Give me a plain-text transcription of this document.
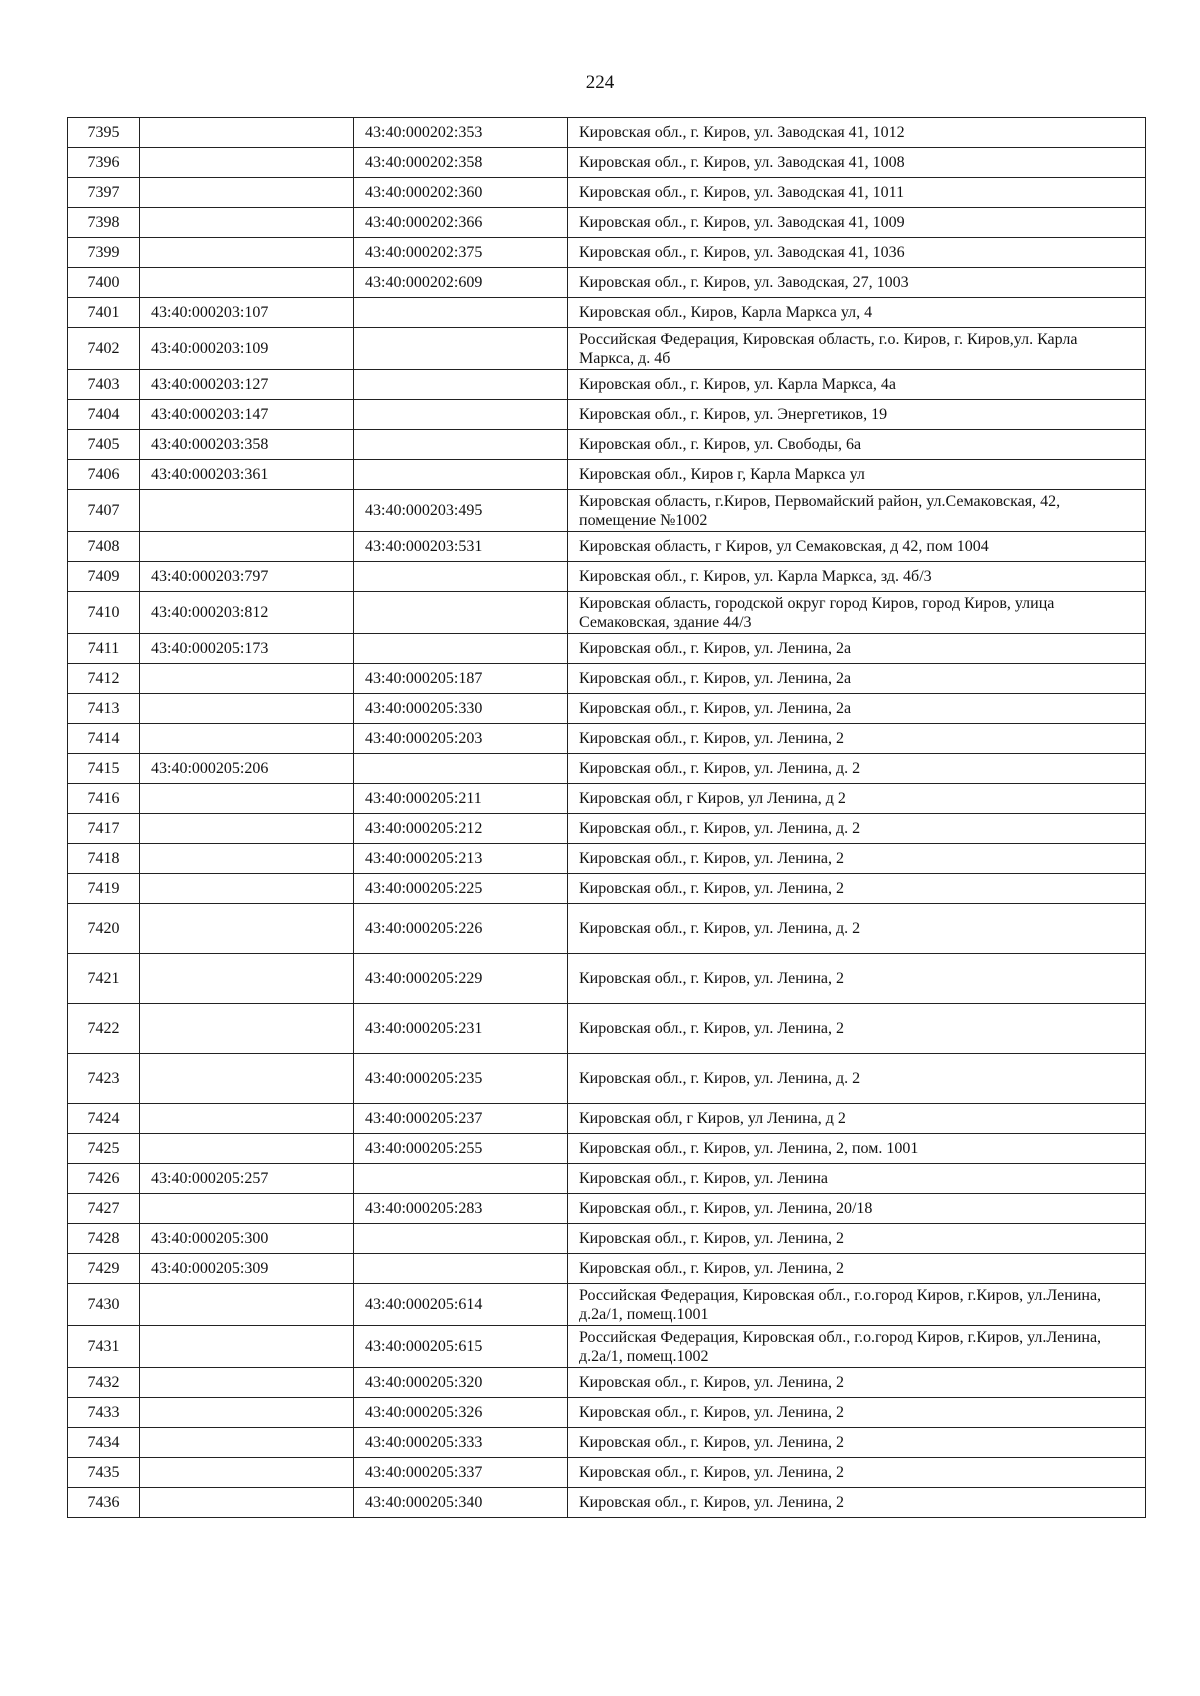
224
7395		43:40:000202:353	Кировская обл., г. Киров, ул. Заводская 41, 1012
7396		43:40:000202:358	Кировская обл., г. Киров, ул. Заводская 41, 1008
7397		43:40:000202:360	Кировская обл., г. Киров, ул. Заводская 41, 1011
7398		43:40:000202:366	Кировская обл., г. Киров, ул. Заводская 41, 1009
7399		43:40:000202:375	Кировская обл., г. Киров, ул. Заводская 41, 1036
7400		43:40:000202:609	Кировская обл., г. Киров, ул. Заводская, 27, 1003
7401	43:40:000203:107		Кировская обл., Киров, Карла Маркса ул, 4
7402	43:40:000203:109		Российская Федерация, Кировская область, г.о. Киров, г. Киров,ул. Карла Маркса, д. 4б
7403	43:40:000203:127		Кировская обл., г. Киров, ул. Карла Маркса, 4а
7404	43:40:000203:147		Кировская обл., г. Киров, ул. Энергетиков, 19
7405	43:40:000203:358		Кировская обл., г. Киров, ул. Свободы, 6а
7406	43:40:000203:361		Кировская обл., Киров г, Карла Маркса ул
7407		43:40:000203:495	Кировская область, г.Киров, Первомайский район, ул.Семаковская, 42, помещение №1002
7408		43:40:000203:531	Кировская область, г Киров, ул Семаковская, д 42, пом 1004
7409	43:40:000203:797		Кировская обл., г. Киров, ул. Карла Маркса, зд. 4б/3
7410	43:40:000203:812		Кировская область, городской округ город Киров, город Киров, улица Семаковская, здание 44/3
7411	43:40:000205:173		Кировская обл., г. Киров, ул. Ленина, 2а
7412		43:40:000205:187	Кировская обл., г. Киров, ул. Ленина, 2а
7413		43:40:000205:330	Кировская обл., г. Киров, ул. Ленина, 2а
7414		43:40:000205:203	Кировская обл., г. Киров, ул. Ленина, 2
7415	43:40:000205:206		Кировская обл., г. Киров, ул. Ленина, д. 2
7416		43:40:000205:211	Кировская обл, г Киров, ул Ленина, д 2
7417		43:40:000205:212	Кировская обл., г. Киров, ул. Ленина, д. 2
7418		43:40:000205:213	Кировская обл., г. Киров, ул. Ленина, 2
7419		43:40:000205:225	Кировская обл., г. Киров, ул. Ленина, 2
7420		43:40:000205:226	Кировская обл., г. Киров, ул. Ленина, д. 2
7421		43:40:000205:229	Кировская обл., г. Киров, ул. Ленина, 2
7422		43:40:000205:231	Кировская обл., г. Киров, ул. Ленина, 2
7423		43:40:000205:235	Кировская обл., г. Киров, ул. Ленина, д. 2
7424		43:40:000205:237	Кировская обл, г Киров, ул Ленина, д 2
7425		43:40:000205:255	Кировская обл., г. Киров, ул. Ленина, 2, пом. 1001
7426	43:40:000205:257		Кировская обл., г. Киров, ул. Ленина
7427		43:40:000205:283	Кировская обл., г. Киров, ул. Ленина, 20/18
7428	43:40:000205:300		Кировская обл., г. Киров, ул. Ленина, 2
7429	43:40:000205:309		Кировская обл., г. Киров, ул. Ленина, 2
7430		43:40:000205:614	Российская Федерация, Кировская обл., г.о.город Киров, г.Киров, ул.Ленина, д.2а/1, помещ.1001
7431		43:40:000205:615	Российская Федерация, Кировская обл., г.о.город Киров, г.Киров, ул.Ленина, д.2а/1, помещ.1002
7432		43:40:000205:320	Кировская обл., г. Киров, ул. Ленина, 2
7433		43:40:000205:326	Кировская обл., г. Киров, ул. Ленина, 2
7434		43:40:000205:333	Кировская обл., г. Киров, ул. Ленина, 2
7435		43:40:000205:337	Кировская обл., г. Киров, ул. Ленина, 2
7436		43:40:000205:340	Кировская обл., г. Киров, ул. Ленина, 2
